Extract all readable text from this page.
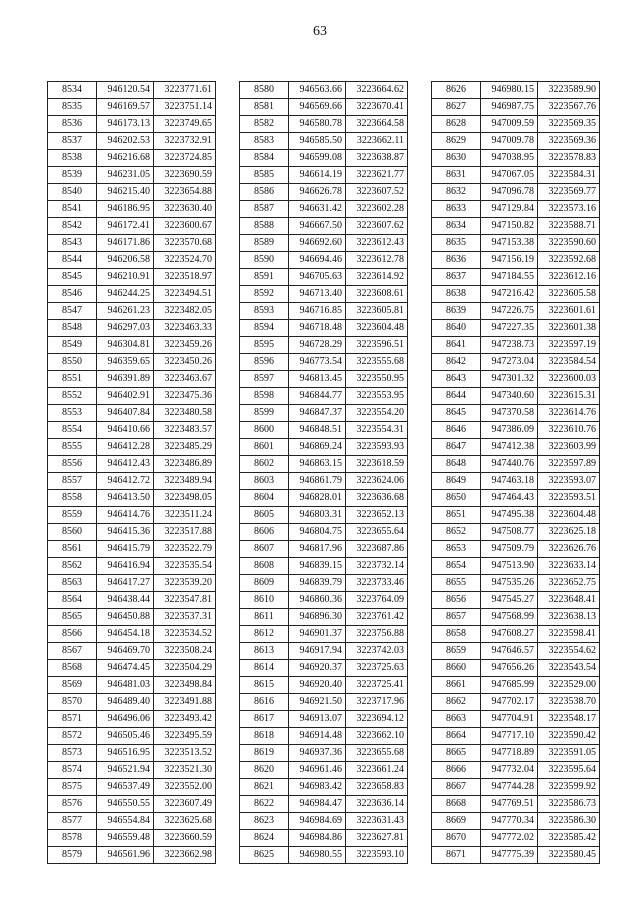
63
8534	946120.54	3223771.61
8535	946169.57	3223751.14
8536	946173.13	3223749.65
8537	946202.53	3223732.91
8538	946216.68	3223724.85
8539	946231.05	3223690.59
8540	946215.40	3223654.88
8541	946186.95	3223630.40
8542	946172.41	3223600.67
8543	946171.86	3223570.68
8544	946206.58	3223524.70
8545	946210.91	3223518.97
8546	946244.25	3223494.51
8547	946261.23	3223482.05
8548	946297.03	3223463.33
8549	946304.81	3223459.26
8550	946359.65	3223450.26
8551	946391.89	3223463.67
8552	946402.91	3223475.36
8553	946407.84	3223480.58
8554	946410.66	3223483.57
8555	946412.28	3223485.29
8556	946412.43	3223486.89
8557	946412.72	3223489.94
8558	946413.50	3223498.05
8559	946414.76	3223511.24
8560	946415.36	3223517.88
8561	946415.79	3223522.79
8562	946416.94	3223535.54
8563	946417.27	3223539.20
8564	946438.44	3223547.81
8565	946450.88	3223537.31
8566	946454.18	3223534.52
8567	946469.70	3223508.24
8568	946474.45	3223504.29
8569	946481.03	3223498.84
8570	946489.40	3223491.88
8571	946496.06	3223493.42
8572	946505.46	3223495.59
8573	946516.95	3223513.52
8574	946521.94	3223521.30
8575	946537.49	3223552.00
8576	946550.55	3223607.49
8577	946554.84	3223625.68
8578	946559.48	3223660.59
8579	946561.96	3223662.98
8580	946563.66	3223664.62
8581	946569.66	3223670.41
8582	946580.78	3223664.58
8583	946585.50	3223662.11
8584	946599.08	3223638.87
8585	946614.19	3223621.77
8586	946626.78	3223607.52
8587	946631.42	3223602.28
8588	946667.50	3223607.62
8589	946692.60	3223612.43
8590	946694.46	3223612.78
8591	946705.63	3223614.92
8592	946713.40	3223608.61
8593	946716.85	3223605.81
8594	946718.48	3223604.48
8595	946728.29	3223596.51
8596	946773.54	3223555.68
8597	946813.45	3223550.95
8598	946844.77	3223553.95
8599	946847.37	3223554.20
8600	946848.51	3223554.31
8601	946869.24	3223593.93
8602	946863.15	3223618.59
8603	946861.79	3223624.06
8604	946828.01	3223636.68
8605	946803.31	3223652.13
8606	946804.75	3223655.64
8607	946817.96	3223687.86
8608	946839.15	3223732.14
8609	946839.79	3223733.46
8610	946860.36	3223764.09
8611	946896.30	3223761.42
8612	946901.37	3223756.88
8613	946917.94	3223742.03
8614	946920.37	3223725.63
8615	946920.40	3223725.41
8616	946921.50	3223717.96
8617	946913.07	3223694.12
8618	946914.48	3223662.10
8619	946937.36	3223655.68
8620	946961.46	3223661.24
8621	946983.42	3223658.83
8622	946984.47	3223636.14
8623	946984.69	3223631.43
8624	946984.86	3223627.81
8625	946980.55	3223593.10
8626	946980.15	3223589.90
8627	946987.75	3223567.76
8628	947009.59	3223569.35
8629	947009.78	3223569.36
8630	947038.95	3223578.83
8631	947067.05	3223584.31
8632	947096.78	3223569.77
8633	947129.84	3223573.16
8634	947150.82	3223588.71
8635	947153.38	3223590.60
8636	947156.19	3223592.68
8637	947184.55	3223612.16
8638	947216.42	3223605.58
8639	947226.75	3223601.61
8640	947227.35	3223601.38
8641	947238.73	3223597.19
8642	947273.04	3223584.54
8643	947301.32	3223600.03
8644	947340.60	3223615.31
8645	947370.58	3223614.76
8646	947386.09	3223610.76
8647	947412.38	3223603.99
8648	947440.76	3223597.89
8649	947463.18	3223593.07
8650	947464.43	3223593.51
8651	947495.38	3223604.48
8652	947508.77	3223625.18
8653	947509.79	3223626.76
8654	947513.90	3223633.14
8655	947535.26	3223652.75
8656	947545.27	3223648.41
8657	947568.99	3223638.13
8658	947608.27	3223598.41
8659	947646.57	3223554.62
8660	947656.26	3223543.54
8661	947685.99	3223529.00
8662	947702.17	3223538.70
8663	947704.91	3223548.17
8664	947717.10	3223590.42
8665	947718.89	3223591.05
8666	947732.04	3223595.64
8667	947744.28	3223599.92
8668	947769.51	3223586.73
8669	947770.34	3223586.30
8670	947772.02	3223585.42
8671	947775.39	3223580.45
